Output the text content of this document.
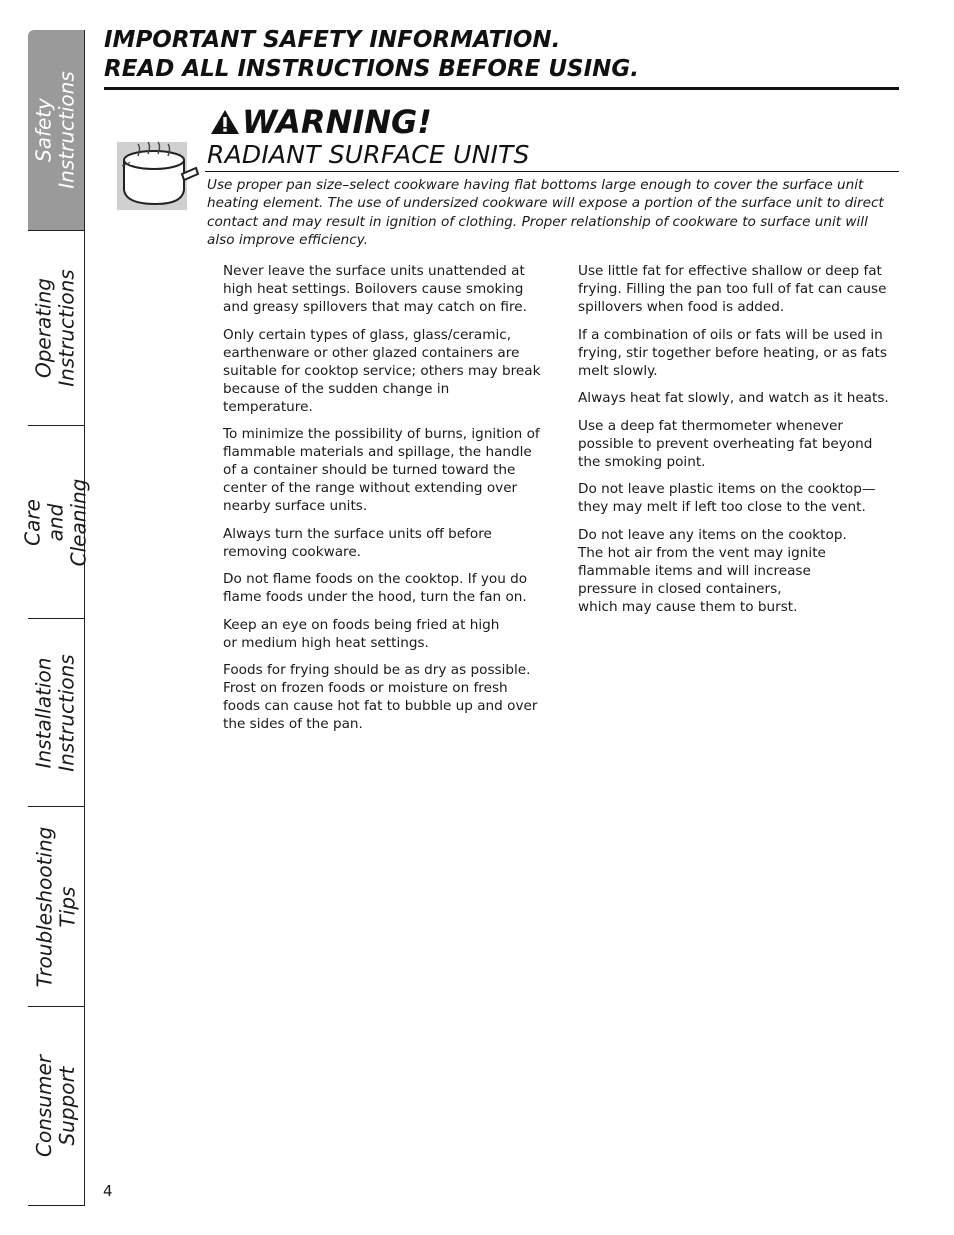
Safety Instructions
Operating
Instructions
Care and Cleaning
Installation
Instructions
Troubleshooting
Tips
Consumer Support
IMPORTANT SAFETY INFORMATION.
READ ALL INSTRUCTIONS BEFORE USING.
WARNING!
RADIANT SURFACE UNITS

Use proper pan size–select cookware having flat bottoms large enough to cover the surface unit heating element. The use of undersized cookware will expose a portion of the surface unit to direct contact and may result in ignition of clothing. Proper relationship of cookware to surface unit will also improve efficiency.

Never leave the surface units unattended at high heat settings. Boilovers cause smoking and greasy spillovers that may catch on fire.

Only certain types of glass, glass/ceramic, earthenware or other glazed containers are suitable for cooktop service; others may break because of the sudden change in temperature.

To minimize the possibility of burns, ignition of flammable materials and spillage, the handle of a container should be turned toward the center of the range without extending over nearby surface units.

Always turn the surface units off before removing cookware.

Do not flame foods on the cooktop. If you do flame foods under the hood, turn the fan on.

Keep an eye on foods being fried at high
or medium high heat settings.

Foods for frying should be as dry as possible. Frost on frozen foods or moisture on fresh foods can cause hot fat to bubble up and over the sides of the pan.

Use little fat for effective shallow or deep fat frying. Filling the pan too full of fat can cause spillovers when food is added.

If a combination of oils or fats will be used in frying, stir together before heating, or as fats melt slowly.

Always heat fat slowly, and watch as it heats.

Use a deep fat thermometer whenever possible to prevent overheating fat beyond the smoking point.

Do not leave plastic items on the cooktop—they may melt if left too close to the vent.

Do not leave any items on the cooktop.
The hot air from the vent may ignite
flammable items and will increase
pressure in closed containers,
which may cause them to burst.

4
